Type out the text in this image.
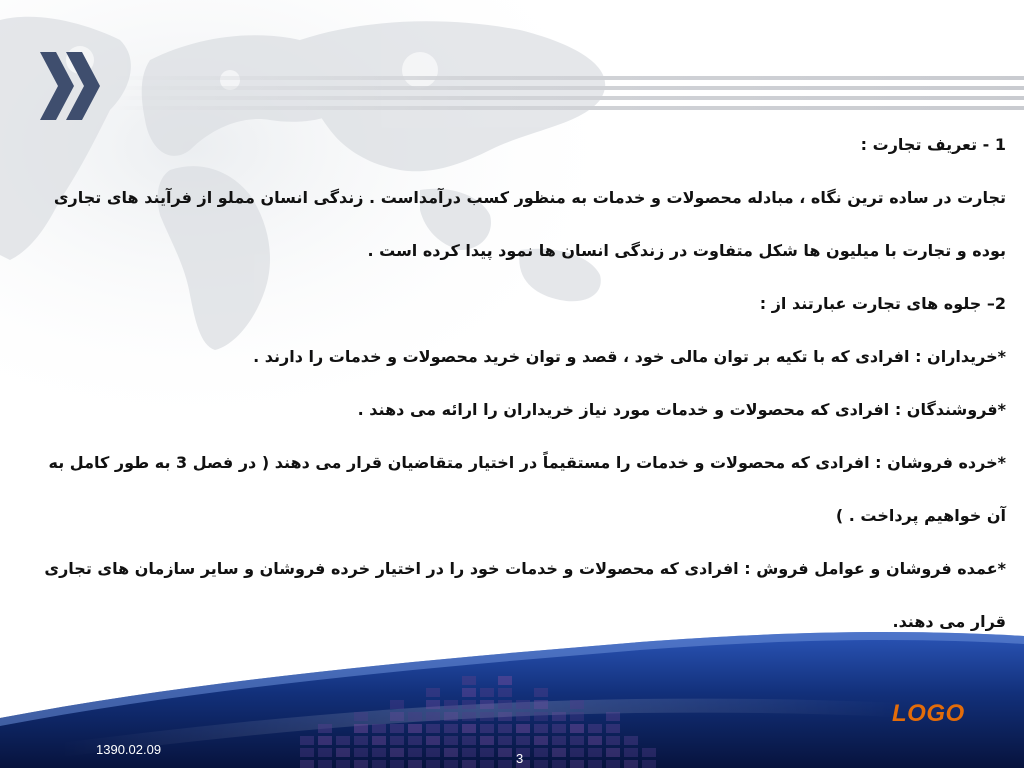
1 - تعریف تجارت :
تجارت در ساده ترین نگاه ، مبادله محصولات و خدمات به منظور کسب درآمداست . زندگی انسان مملو از فرآیند های تجاری
بوده و تجارت با میلیون ها شکل متفاوت در زندگی انسان ها نمود پیدا کرده است .
2– جلوه های تجارت عبارتند از :
*خریداران : افرادی که با تکیه بر توان مالی خود ، قصد و توان خرید محصولات و خدمات را دارند .
*فروشندگان : افرادی که محصولات و خدمات مورد نیاز خریداران را ارائه می دهند .
*خرده فروشان : افرادی که محصولات و خدمات را مستقیماً در اختیار متقاضیان قرار می دهند ( در فصل 3 به طور کامل به
آن خواهیم پرداخت . )
*عمده فروشان و عوامل فروش : افرادی که محصولات و خدمات خود را در اختیار خرده فروشان و سایر سازمان های تجاری
قرار می دهند.
LOGO
1390.02.09
3
